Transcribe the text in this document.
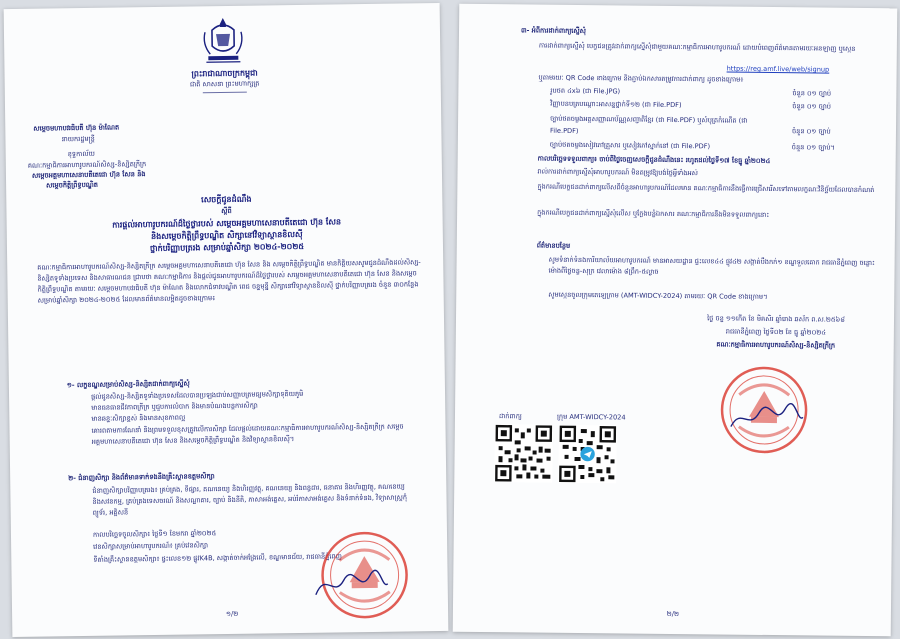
ព្រះរាជាណាចក្រកម្ពុជា
ជាតិ សាសនា ព្រះមហាក្សត្រ
សម្តេចមហាបវរធិបតី ហ៊ុន ម៉ាណែត
នាយករដ្ឋមន្ត្រី
ខុទ្ទកាល័យ
គណៈកម្មាធិការអាហារូបករណ៍សិស្ស-និស្សិតក្រីក្រ
សម្តេចអគ្គមហាសេនាបតីតេជោ ហ៊ុន សែន និង
សម្តេចកិត្តិព្រឹទ្ធបណ្ឌិត
សេចក្តីជូនដំណឹង
ស្តីពី
ការផ្តល់អាហារូបករណ៍ដ៏ថ្លៃថ្លារបស់ សម្តេចអគ្គមហាសេនាបតីតេជោ ហ៊ុន សែន
និងសម្តេចកិត្តិព្រឹទ្ធបណ្ឌិត សិក្សានៅវិទ្យាស្ថានខិលស៊ី
ថ្នាក់បរិញ្ញាបត្ររង សម្រាប់ឆ្នាំសិក្សា ២០២៤-២០២៥
គណៈកម្មាធិការអាហារូបករណ៍សិស្ស-និស្សិតក្រីក្រ សម្តេចអគ្គមហាសេនាបតីតេជោ ហ៊ុន សែន និង សម្តេចកិត្តិព្រឹទ្ធបណ្ឌិត មានកិត្តិយសសូមជូនដំណឹងដល់សិស្ស-និស្សិតទូទាំងប្រទេស និងសាធារណជន ជ្រាបថា គណៈកម្មាធិការ និងផ្តល់ជូនអាហារូបករណ៍ដ៏ថ្លៃថ្លារបស់ សម្តេចអគ្គមហាសេនាបតីតេជោ ហ៊ុន សែន និងសម្តេចកិត្តិព្រឹទ្ធបណ្ឌិត តាមរយៈ សម្តេចមហាបវរធិបតី ហ៊ុន ម៉ាណែត និងលោកជំទាវបណ្ឌិត ពេជ ចន្ទមុន្នី សិក្សានៅវិទ្យាស្ថានខិលស៊ី ថ្នាក់បរិញ្ញាបត្ររង ចំនួន ៣០កន្លែង សម្រាប់ឆ្នាំសិក្សា ២០២៤-២០២៥ ដែលមានព័ត៌មានលម្អិតដូចខាងក្រោម៖
១- លក្ខខណ្ឌសម្រាប់សិស្ស-និស្សិតដាក់ពាក្យស្នើសុំ
ផ្តល់ជូនសិស្ស-និស្សិតទូទាំងប្រទេសដែលបានប្រឡងជាប់សញ្ញាបត្រមធ្យមសិក្សាទុតិយភូមិ
មានធនធានជីវភាពក្រីក្រ ឬជួបការលំបាក និងមានបំណងបន្តការសិក្សា
មានឆន្ទៈសិក្សាខ្ពស់ និងមានសុខភាពល្អ
គោរពតាមការណែនាំ និងព្រមទទួលខុសត្រូវលើការសិក្សា ដែលផ្តល់ដោយគណៈកម្មាធិការអាហារូបករណ៍សិស្ស-និស្សិតក្រីក្រ សម្តេចអគ្គមហាសេនាបតីតេជោ ហ៊ុន សែន និងសម្តេចកិត្តិព្រឹទ្ធបណ្ឌិត និងវិទ្យាស្ថានខិលស៊ី។
២- ជំនាញសិក្សា និងព័ត៌មានទាក់ទងនឹងគ្រឹះស្ថានឧត្តមសិក្សា
ជំនាញសិក្សាបរិញ្ញាបត្ររង៖ គ្រប់គ្រង, ទីផ្សារ, គណនេយ្យ និងហិរញ្ញវត្ថុ, គណនេយ្យ និងពន្ធដារ, ធនាគារ និងហិរញ្ញវត្ថុ, គណនេយ្យ និងសវនកម្ម, គ្រប់គ្រងទេសចរណ៍ និងសណ្ឋាគារ, ច្បាប់ និងនីតិ, ភាសាអង់គ្លេស, អប់រំភាសាអង់គ្លេស និងទំនាក់ទំនង, វិទ្យាសាស្ត្រកុំព្យូទ័រ, អគ្គិសនី
កាលបរិច្ឆេទចូលសិក្សា៖ ថ្ងៃទី១ ខែមករា ឆ្នាំ២០២៥
វេនសិក្សាសម្រាប់អាហារូបករណ៍៖ គ្រប់វេនសិក្សា
ទីតាំងគ្រឹះស្ថានឧត្តមសិក្សា៖ ផ្ទះលេខ១២ ផ្លូវK4B, សង្កាត់ចាក់អង្រែលើ, ខណ្ឌមានជ័យ, រាជធានីភ្នំពេញ
១/២
៣- អំពីការដាក់ពាក្យស្នើសុំ
ការដាក់ពាក្យស្នើសុំ បេក្ខជនត្រូវដាក់ពាក្យស្នើសុំជាមួយគណៈកម្មាធិការអាហារូបករណ៍ ដោយបំពេញព័ត៌មានតាមរយៈអនឡាញ ឬស្កេន
https://reg.amf.live/web/signup
ឬតាមរយៈ QR Code ខាងក្រោម និងភ្ជាប់ឯកសារតម្រូវការដាក់ពាក្យ ដូចខាងក្រោម៖
រូបថត ៤x៦ (ជា File.JPG)	ចំនួន ០១ ច្បាប់
វិញ្ញាបនបត្របណ្តោះអាសន្នថ្នាក់ទី១២ (ជា File.PDF)	ចំនួន ០១ ច្បាប់
ច្បាប់ថតចម្លងអត្តសញ្ញាណប័ណ្ណសញ្ជាតិខ្មែរ (ជា File.PDF) ឬសំបុត្រកំណើត (ជា File.PDF)	ចំនួន ០១ ច្បាប់
ច្បាប់ថតចម្លងសៀវភៅគ្រួសារ ឬសៀវភៅស្នាក់នៅ (ជា File.PDF)	ចំនួន ០១ ច្បាប់។
កាលបរិច្ឆេទទទួលពាក្យ៖ ចាប់ពីថ្ងៃចេញសេចក្តីជូនដំណឹងនេះ រហូតដល់ថ្ងៃទី១៧ ខែធ្នូ ឆ្នាំ២០២៤
រាល់ការដាក់ពាក្យស្នើសុំអាហារូបករណ៍ មិនតម្រូវឱ្យបង់ថ្លៃអ្វីទាំងអស់
ក្នុងករណីបេក្ខជនដាក់ពាក្យលើសពីចំនួនអាហារូបករណ៍ដែលមាន គណៈកម្មាធិការនឹងធ្វើការជ្រើសរើសទៅតាមលក្ខណៈវិនិច្ឆ័យដែលបានកំណត់
ក្នុងករណីបេក្ខជនដាក់ពាក្យស្នើសុំលើស ឬក្លែងបន្លំឯកសារ គណៈកម្មាធិការនឹងមិនទទួលពាក្យនោះ
ព័ត៌មានបន្ថែម
សូមទំនាក់ទំនងការិយាល័យអាហារូបករណ៍ មានអាសយដ្ឋាន ផ្ទះលេខ៤៤ ផ្លូវ៤២ សង្កាត់បឹងកក់១ ខណ្ឌទួលគោក រាជធានីភ្នំពេញ ចន្លោះម៉ោងពីថ្ងៃចន្ទ-សុក្រ វេលាម៉ោង ៨ព្រឹក-៥ល្ងាច
សូមស្កេនចូលក្រុមតេឡេក្រាម (AMT-WIDCY-2024) តាមរយៈ QR Code ខាងក្រោម។
ថ្ងៃ ចន្ទ ១១កើត ខែ មិគសិរ ឆ្នាំរោង ឆស័ក ព.ស.២៥៦៨
រាជធានីភ្នំពេញ ថ្ងៃទី០២ ខែ ធ្នូ ឆ្នាំ២០២៤
គណៈកម្មាធិការអាហារូបករណ៍សិស្ស-និស្សិតក្រីក្រ
ដាក់ពាក្យ	ក្រុម AMT-WIDCY-2024
២/២
